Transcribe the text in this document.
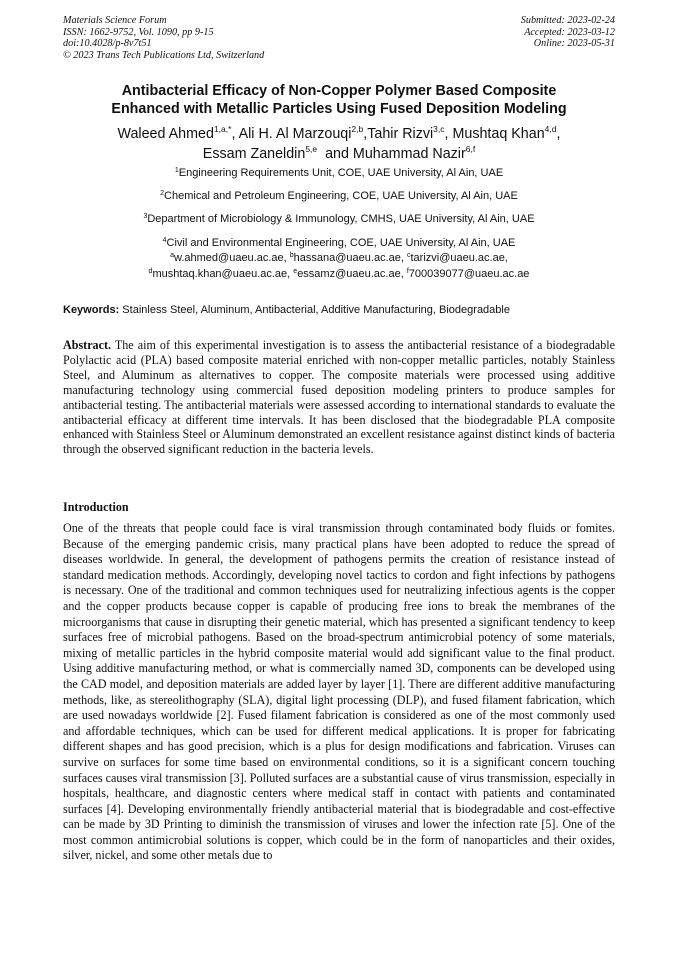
Materials Science Forum
ISSN: 1662-9752, Vol. 1090, pp 9-15
doi:10.4028/p-8v7t51
© 2023 Trans Tech Publications Ltd, Switzerland
Submitted: 2023-02-24
Accepted: 2023-03-12
Online: 2023-05-31
Antibacterial Efficacy of Non-Copper Polymer Based Composite
Enhanced with Metallic Particles Using Fused Deposition Modeling
Waleed Ahmed$^{1,a,*}$, Ali H. Al Marzouqi$^{2,b}$,Tahir Rizvi$^{3,c}$, Mushtaq Khan$^{4,d}$,
Essam Zaneldin$^{5,e}$  and Muhammad Nazir$^{6,f}$
$^1$Engineering Requirements Unit, COE, UAE University, Al Ain, UAE
$^2$Chemical and Petroleum Engineering, COE, UAE University, Al Ain, UAE
$^3$Department of Microbiology & Immunology, CMHS, UAE University, Al Ain, UAE
$^4$Civil and Environmental Engineering, COE, UAE University, Al Ain, UAE
$^a$w.ahmed@uaeu.ac.ae, $^b$hassana@uaeu.ac.ae, $^c$tarizvi@uaeu.ac.ae,
$^d$mushtaq.khan@uaeu.ac.ae, $^e$essamz@uaeu.ac.ae, $^f$700039077@uaeu.ac.ae
Keywords: Stainless Steel, Aluminum, Antibacterial, Additive Manufacturing, Biodegradable
Abstract. The aim of this experimental investigation is to assess the antibacterial resistance of a biodegradable Polylactic acid (PLA) based composite material enriched with non-copper metallic particles, notably Stainless Steel, and Aluminum as alternatives to copper. The composite materials were processed using additive manufacturing technology using commercial fused deposition modeling printers to produce samples for antibacterial testing. The antibacterial materials were assessed according to international standards to evaluate the antibacterial efficacy at different time intervals. It has been disclosed that the biodegradable PLA composite enhanced with Stainless Steel or Aluminum demonstrated an excellent resistance against distinct kinds of bacteria through the observed significant reduction in the bacteria levels.
Introduction
One of the threats that people could face is viral transmission through contaminated body fluids or fomites. Because of the emerging pandemic crisis, many practical plans have been adopted to reduce the spread of diseases worldwide. In general, the development of pathogens permits the creation of resistance instead of standard medication methods. Accordingly, developing novel tactics to cordon and fight infections by pathogens is necessary. One of the traditional and common techniques used for neutralizing infectious agents is the copper and the copper products because copper is capable of producing free ions to break the membranes of the microorganisms that cause in disrupting their genetic material, which has presented a significant tendency to keep surfaces free of microbial pathogens. Based on the broad-spectrum antimicrobial potency of some materials, mixing of metallic particles in the hybrid composite material would add significant value to the final product. Using additive manufacturing method, or what is commercially named 3D, components can be developed using the CAD model, and deposition materials are added layer by layer [1]. There are different additive manufacturing methods, like, as stereolithography (SLA), digital light processing (DLP), and fused filament fabrication, which are used nowadays worldwide [2]. Fused filament fabrication is considered as one of the most commonly used and affordable techniques, which can be used for different medical applications. It is proper for fabricating different shapes and has good precision, which is a plus for design modifications and fabrication. Viruses can survive on surfaces for some time based on environmental conditions, so it is a significant concern touching surfaces causes viral transmission [3]. Polluted surfaces are a substantial cause of virus transmission, especially in hospitals, healthcare, and diagnostic centers where medical staff in contact with patients and contaminated surfaces [4]. Developing environmentally friendly antibacterial material that is biodegradable and cost-effective can be made by 3D Printing to diminish the transmission of viruses and lower the infection rate [5]. One of the most common antimicrobial solutions is copper, which could be in the form of nanoparticles and their oxides, silver, nickel, and some other metals due to
